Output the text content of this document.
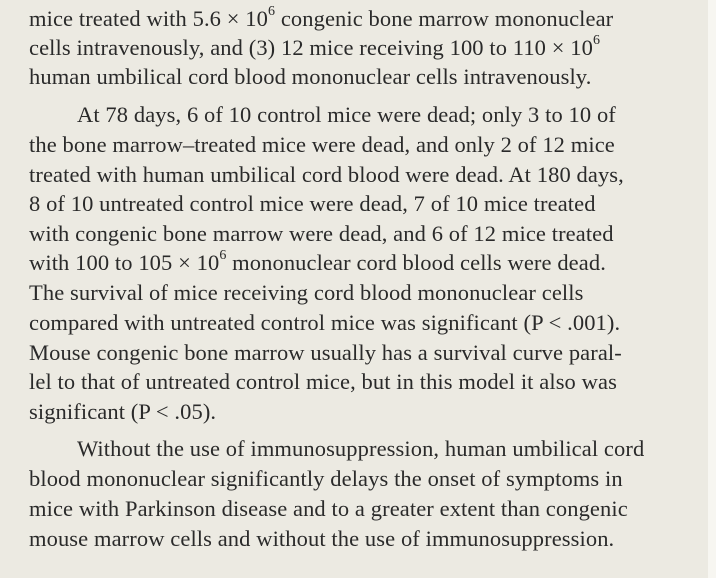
mice treated with $5.6 \times 10^6$ congenic bone marrow mononuclear
cells intravenously, and (3) 12 mice receiving 100 to $110 \times 10^6$
human umbilical cord blood mononuclear cells intravenously.
At 78 days, 6 of 10 control mice were dead; only 3 to 10 of
the bone marrow–treated mice were dead, and only 2 of 12 mice
treated with human umbilical cord blood were dead. At 180 days,
8 of 10 untreated control mice were dead, 7 of 10 mice treated
with congenic bone marrow were dead, and 6 of 12 mice treated
with 100 to $105 \times 10^6$ mononuclear cord blood cells were dead.
The survival of mice receiving cord blood mononuclear cells
compared with untreated control mice was significant (P < .001).
Mouse congenic bone marrow usually has a survival curve paral-
lel to that of untreated control mice, but in this model it also was
significant (P < .05).
Without the use of immunosuppression, human umbilical cord
blood mononuclear significantly delays the onset of symptoms in
mice with Parkinson disease and to a greater extent than congenic
mouse marrow cells and without the use of immunosuppression.
